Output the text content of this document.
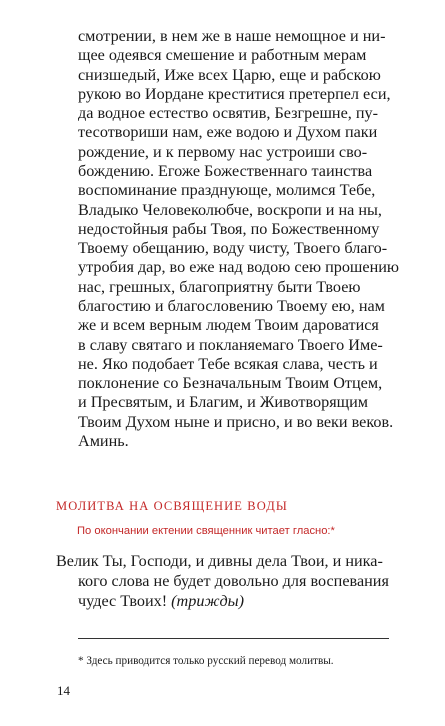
смотрении, в нем же в наше немощное и ни-
щее одеявся смешение и работным мерам
снизшедый, Иже всех Царю, еще и рабскою
рукою во Иордане креститися претерпел еси,
да водное естество освятив, Безгрешне, пу-
тесотвориши нам, еже водою и Духом паки
рождение, и к первому нас устроиши сво-
бождению. Егоже Божественнаго таинства
воспоминание празднующе, молимся Тебе,
Владыко Человеколюбче, воскропи и на ны,
недостойныя рабы Твоя, по Божественному
Твоему обещанию, воду чисту, Твоего благо-
утробия дар, во еже над водою сею прошению
нас, грешных, благоприятну быти Твоею
благостию и благословению Твоему ею, нам
же и всем верным людем Твоим дароватися
в славу святаго и покланяемаго Твоего Име-
не. Яко подобает Тебе всякая слава, честь и
поклонение со Безначальным Твоим Отцем,
и Пресвятым, и Благим, и Животворящим
Твоим Духом ныне и присно, и во веки веков.
Аминь.
МОЛИТВА НА ОСВЯЩЕНИЕ ВОДЫ
По окончании ектении священник читает гласно:*
Велик Ты, Господи, и дивны дела Твои, и ника-
кого слова не будет довольно для воспевания
чудес Твоих! (трижды)
* Здесь приводится только русский перевод молитвы.
14
